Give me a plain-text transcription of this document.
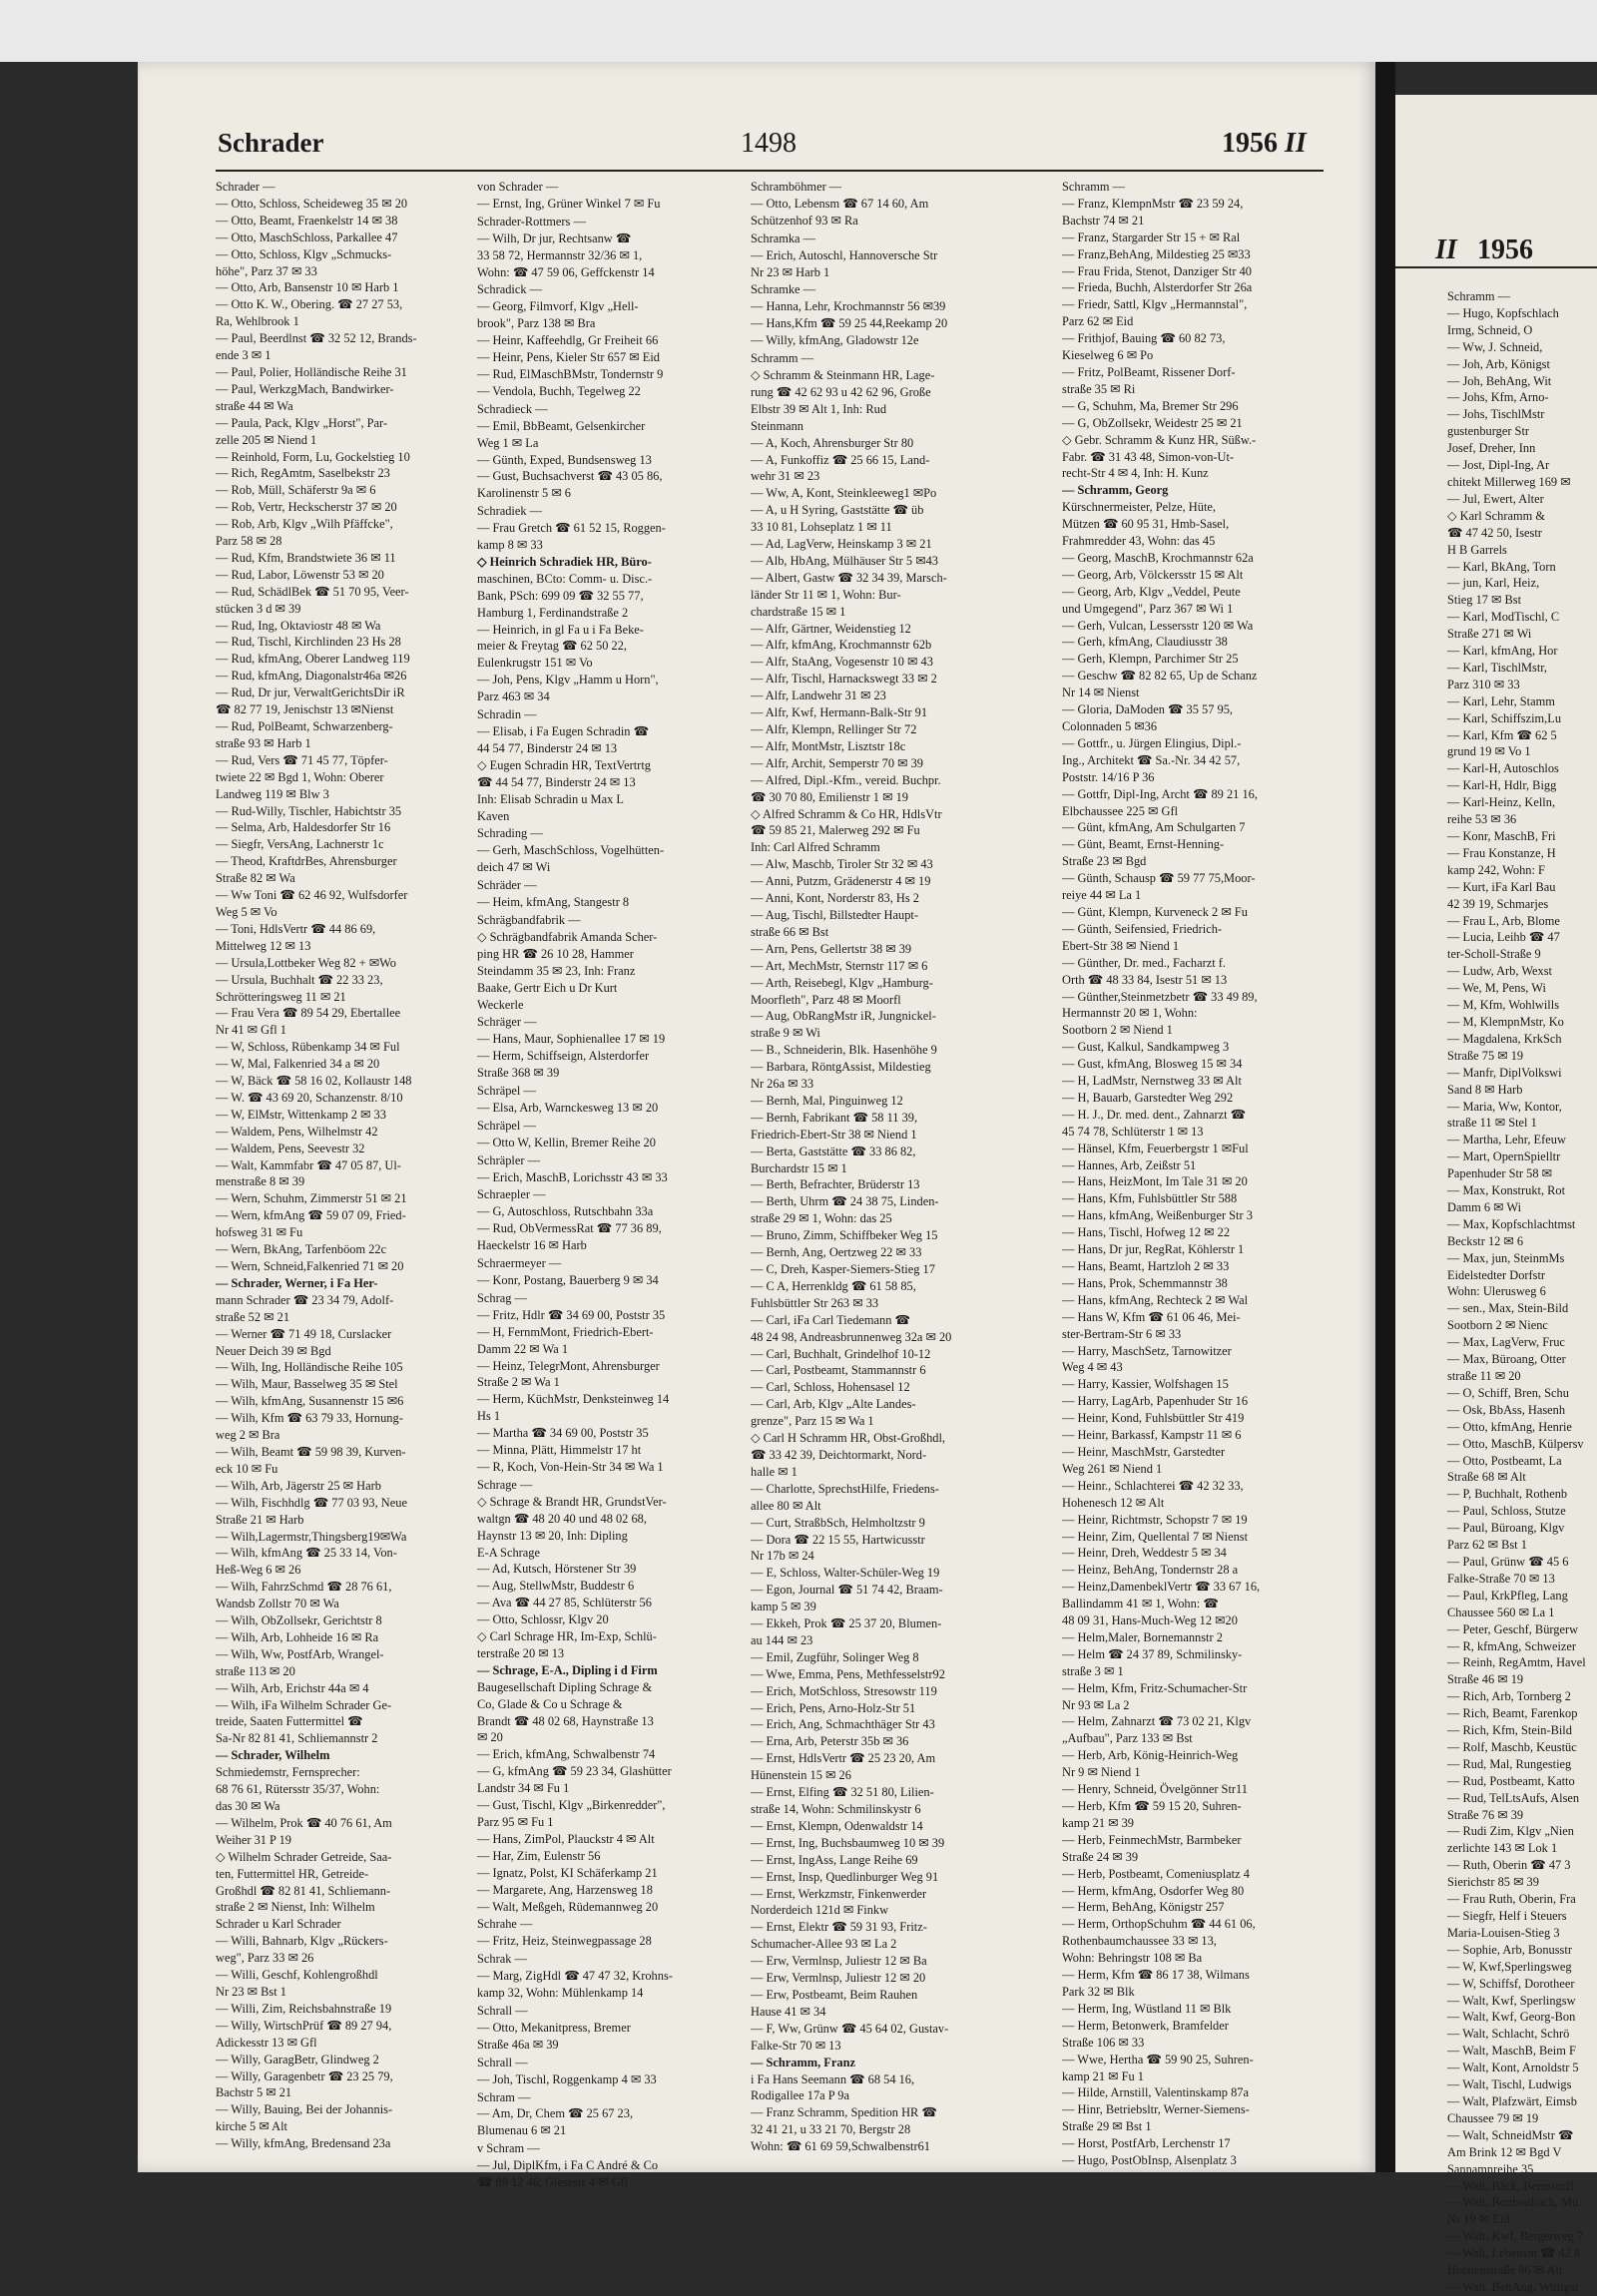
Schrader	1498	1956 II
Schrader —
— Otto, Schloss, Scheideweg 35 ✉ 20
— Otto, Beamt, Fraenkelstr 14 ✉ 38
— Otto, MaschSchloss, Parkallee 47
— Otto, Schloss, Klgv „Schmucks-
höhe", Parz 37 ✉ 33
— Otto, Arb, Bansenstr 10 ✉ Harb 1
— Otto K. W., Obering. ☎ 27 27 53,
Ra, Wehlbrook 1
— Paul, Beerdlnst ☎ 32 52 12, Brands-
ende 3 ✉ 1
— Paul, Polier, Holländische Reihe 31
— Paul, WerkzgMach, Bandwirker-
straße 44 ✉ Wa
— Paula, Pack, Klgv „Horst", Par-
zelle 205 ✉ Niend 1
— Reinhold, Form, Lu, Gockelstieg 10
— Rich, RegAmtm, Saselbekstr 23
— Rob, Müll, Schäferstr 9a ✉ 6
— Rob, Vertr, Heckscherstr 37 ✉ 20
— Rob, Arb, Klgv „Wilh Pfäffcke",
Parz 58 ✉ 28
— Rud, Kfm, Brandstwiete 36 ✉ 11
— Rud, Labor, Löwenstr 53 ✉ 20
— Rud, SchädlBek ☎ 51 70 95, Veer-
stücken 3 d ✉ 39
— Rud, Ing, Oktaviostr 48 ✉ Wa
— Rud, Tischl, Kirchlinden 23 Hs 28
— Rud, kfmAng, Oberer Landweg 119
— Rud, kfmAng, Diagonalstr46a ✉26
— Rud, Dr jur, VerwaltGerichtsDir iR
☎ 82 77 19, Jenischstr 13 ✉Nienst
— Rud, PolBeamt, Schwarzenberg-
straße 93 ✉ Harb 1
— Rud, Vers ☎ 71 45 77, Töpfer-
twiete 22 ✉ Bgd 1, Wohn: Oberer
Landweg 119 ✉ Blw 3
— Rud-Willy, Tischler, Habichtstr 35
— Selma, Arb, Haldesdorfer Str 16
— Siegfr, VersAng, Lachnerstr 1c
— Theod, KraftdrBes, Ahrensburger
Straße 82 ✉ Wa
— Ww Toni ☎ 62 46 92, Wulfsdorfer
Weg 5 ✉ Vo
— Toni, HdlsVertr ☎ 44 86 69,
Mittelweg 12 ✉ 13
— Ursula,Lottbeker Weg 82 + ✉Wo
— Ursula, Buchhalt ☎ 22 33 23,
Schrötteringsweg 11 ✉ 21
— Frau Vera ☎ 89 54 29, Ebertallee
Nr 41 ✉ Gfl 1
— W, Schloss, Rübenkamp 34 ✉ Ful
— W, Mal, Falkenried 34 a ✉ 20
— W, Bäck ☎ 58 16 02, Kollaustr 148
— W. ☎ 43 69 20, Schanzenstr. 8/10
— W, ElMstr, Wittenkamp 2 ✉ 33
— Waldem, Pens, Wilhelmstr 42
— Waldem, Pens, Seevestr 32
— Walt, Kammfabr ☎ 47 05 87, Ul-
menstraße 8 ✉ 39
— Wern, Schuhm, Zimmerstr 51 ✉ 21
— Wern, kfmAng ☎ 59 07 09, Fried-
hofsweg 31 ✉ Fu
— Wern, BkAng, Tarfenböom 22c
— Wern, Schneid,Falkenried 71 ✉ 20
— Schrader, Werner, i Fa Her-
mann Schrader ☎ 23 34 79, Adolf-
straße 52 ✉ 21
— Werner ☎ 71 49 18, Curslacker
Neuer Deich 39 ✉ Bgd
— Wilh, Ing, Holländische Reihe 105
— Wilh, Maur, Basselweg 35 ✉ Stel
— Wilh, kfmAng, Susannenstr 15 ✉6
— Wilh, Kfm ☎ 63 79 33, Hornung-
weg 2 ✉ Bra
— Wilh, Beamt ☎ 59 98 39, Kurven-
eck 10 ✉ Fu
— Wilh, Arb, Jägerstr 25 ✉ Harb
— Wilh, Fischhdlg ☎ 77 03 93, Neue
Straße 21 ✉ Harb
— Wilh,Lagermstr,Thingsberg19✉Wa
— Wilh, kfmAng ☎ 25 33 14, Von-
Heß-Weg 6 ✉ 26
— Wilh, FahrzSchmd ☎ 28 76 61,
Wandsb Zollstr 70 ✉ Wa
— Wilh, ObZollsekr, Gerichtstr 8
— Wilh, Arb, Lohheide 16 ✉ Ra
— Wilh, Ww, PostfArb, Wrangel-
straße 113 ✉ 20
— Wilh, Arb, Erichstr 44a ✉ 4
— Wilh, iFa Wilhelm Schrader Ge-
treide, Saaten Futtermittel ☎
Sa-Nr 82 81 41, Schliemannstr 2
— Schrader, Wilhelm
Schmiedemstr, Fernsprecher:
68 76 61, Rütersstr 35/37, Wohn:
das 30 ✉ Wa
— Wilhelm, Prok ☎ 40 76 61, Am
Weiher 31 P 19
◇ Wilhelm Schrader Getreide, Saa-
ten, Futtermittel HR, Getreide-
Großhdl ☎ 82 81 41, Schliemann-
straße 2 ✉ Nienst, Inh: Wilhelm
Schrader u Karl Schrader
— Willi, Bahnarb, Klgv „Rückers-
weg", Parz 33 ✉ 26
— Willi, Geschf, Kohlengroßhdl
Nr 23 ✉ Bst 1
— Willi, Zim, Reichsbahnstraße 19
— Willy, WirtschPrüf ☎ 89 27 94,
Adickesstr 13 ✉ Gfl
— Willy, GaragBetr, Glindweg 2
— Willy, Garagenbetr ☎ 23 25 79,
Bachstr 5 ✉ 21
— Willy, Bauing, Bei der Johannis-
kirche 5 ✉ Alt
— Willy, kfmAng, Bredensand 23a
von Schrader —
— Ernst, Ing, Grüner Winkel 7 ✉ Fu
Schrader-Rottmers —
— Wilh, Dr jur, Rechtsanw ☎
33 58 72, Hermannstr 32/36 ✉ 1,
Wohn: ☎ 47 59 06, Geffckenstr 14
Schradick —
— Georg, Filmvorf, Klgv „Hell-
brook", Parz 138 ✉ Bra
— Heinr, Kaffeehdlg, Gr Freiheit 66
— Heinr, Pens, Kieler Str 657 ✉ Eid
— Rud, ElMaschBMstr, Tondernstr 9
— Vendola, Buchh, Tegelweg 22
Schradieck —
— Emil, BbBeamt, Gelsenkircher
Weg 1 ✉ La
— Günth, Exped, Bundsensweg 13
— Gust, Buchsachverst ☎ 43 05 86,
Karolinenstr 5 ✉ 6
Schradiek —
— Frau Gretch ☎ 61 52 15, Roggen-
kamp 8 ✉ 33
◇ Heinrich Schradiek HR, Büro-
maschinen, BCto: Comm- u. Disc.-
Bank, PSch: 699 09 ☎ 32 55 77,
Hamburg 1, Ferdinandstraße 2
— Heinrich, in gl Fa u i Fa Beke-
meier & Freytag ☎ 62 50 22,
Eulenkrugstr 151 ✉ Vo
— Joh, Pens, Klgv „Hamm u Horn",
Parz 463 ✉ 34
Schradin —
— Elisab, i Fa Eugen Schradin ☎
44 54 77, Binderstr 24 ✉ 13
◇ Eugen Schradin HR, TextVertrtg
☎ 44 54 77, Binderstr 24 ✉ 13
Inh: Elisab Schradin u Max L
Kaven
Schrading —
— Gerh, MaschSchloss, Vogelhütten-
deich 47 ✉ Wi
Schräder —
— Heim, kfmAng, Stangestr 8
Schrägbandfabrik —
◇ Schrägbandfabrik Amanda Scher-
ping HR ☎ 26 10 28, Hammer
Steindamm 35 ✉ 23, Inh: Franz
Baake, Gertr Eich u Dr Kurt
Weckerle
Schräger —
— Hans, Maur, Sophienallee 17 ✉ 19
— Herm, Schiffseign, Alsterdorfer
Straße 368 ✉ 39
Schräpel —
— Elsa, Arb, Warnckesweg 13 ✉ 20
Schräpel —
— Otto W, Kellin, Bremer Reihe 20
Schräpler —
— Erich, MaschB, Lorichsstr 43 ✉ 33
Schraepler —
— G, Autoschloss, Rutschbahn 33a
— Rud, ObVermessRat ☎ 77 36 89,
Haeckelstr 16 ✉ Harb
Schraermeyer —
— Konr, Postang, Bauerberg 9 ✉ 34
Schrag —
— Fritz, Hdlr ☎ 34 69 00, Poststr 35
— H, FernmMont, Friedrich-Ebert-
Damm 22 ✉ Wa 1
— Heinz, TelegrMont, Ahrensburger
Straße 2 ✉ Wa 1
— Herm, KüchMstr, Denksteinweg 14
Hs 1
— Martha ☎ 34 69 00, Poststr 35
— Minna, Plätt, Himmelstr 17 ht
— R, Koch, Von-Hein-Str 34 ✉ Wa 1
Schrage —
◇ Schrage & Brandt HR, GrundstVer-
waltgn ☎ 48 20 40 und 48 02 68,
Haynstr 13 ✉ 20, Inh: Dipling
E-A Schrage
— Ad, Kutsch, Hörstener Str 39
— Aug, StellwMstr, Buddestr 6
— Ava ☎ 44 27 85, Schlüterstr 56
— Otto, Schlossr, Klgv 20
◇ Carl Schrage HR, Im-Exp, Schlü-
terstraße 20 ✉ 13
— Schrage, E-A., Dipling i d Firm
Baugesellschaft Dipling Schrage &
Co, Glade & Co u Schrage &
Brandt ☎ 48 02 68, Haynstraße 13
✉ 20
— Erich, kfmAng, Schwalbenstr 74
— G, kfmAng ☎ 59 23 34, Glashütter
Landstr 34 ✉ Fu 1
— Gust, Tischl, Klgv „Birkenredder",
Parz 95 ✉ Fu 1
— Hans, ZimPol, Plauckstr 4 ✉ Alt
— Har, Zim, Eulenstr 56
— Ignatz, Polst, KI Schäferkamp 21
— Margarete, Ang, Harzensweg 18
— Walt, Meßgeh, Rüdemannweg 20
Schrahe —
— Fritz, Heiz, Steinwegpassage 28
Schrak —
— Marg, ZigHdl ☎ 47 47 32, Krohns-
kamp 32, Wohn: Mühlenkamp 14
Schrall —
— Otto, Mekanitpress, Bremer
Straße 46a ✉ 39
Schrall —
— Joh, Tischl, Roggenkamp 4 ✉ 33
Schram —
— Am, Dr, Chem ☎ 25 67 23,
Blumenau 6 ✉ 21
v Schram —
— Jul, DiplKfm, i Fa C André & Co
☎ 89 12 46, Giesestr 4 ✉ Gfl
Schramböhmer —
— Otto, Lebensm ☎ 67 14 60, Am
Schützenhof 93 ✉ Ra
Schramka —
— Erich, Autoschl, Hannoversche Str
Nr 23 ✉ Harb 1
Schramke —
— Hanna, Lehr, Krochmannstr 56 ✉39
— Hans,Kfm ☎ 59 25 44,Reekamp 20
— Willy, kfmAng, Gladowstr 12e
Schramm —
◇ Schramm & Steinmann HR, Lage-
rung ☎ 42 62 93 u 42 62 96, Große
Elbstr 39 ✉ Alt 1, Inh: Rud
Steinmann
— A, Koch, Ahrensburger Str 80
— A, Funkoffiz ☎ 25 66 15, Land-
wehr 31 ✉ 23
— Ww, A, Kont, Steinkleeweg1 ✉Po
— A, u H Syring, Gaststätte ☎ üb
33 10 81, Lohseplatz 1 ✉ 11
— Ad, LagVerw, Heinskamp 3 ✉ 21
— Alb, HbAng, Mülhäuser Str 5 ✉43
— Albert, Gastw ☎ 32 34 39, Marsch-
länder Str 11 ✉ 1, Wohn: Bur-
chardstraße 15 ✉ 1
— Alfr, Gärtner, Weidenstieg 12
— Alfr, kfmAng, Krochmannstr 62b
— Alfr, StaAng, Vogesenstr 10 ✉ 43
— Alfr, Tischl, Harnackswegt 33 ✉ 2
— Alfr, Landwehr 31 ✉ 23
— Alfr, Kwf, Hermann-Balk-Str 91
— Alfr, Klempn, Rellinger Str 72
— Alfr, MontMstr, Lisztstr 18c
— Alfr, Archit, Semperstr 70 ✉ 39
— Alfred, Dipl.-Kfm., vereid. Buchpr.
☎ 30 70 80, Emilienstr 1 ✉ 19
◇ Alfred Schramm & Co HR, HdlsVtr
☎ 59 85 21, Malerweg 292 ✉ Fu
Inh: Carl Alfred Schramm
— Alw, Maschb, Tiroler Str 32 ✉ 43
— Anni, Putzm, Grädenerstr 4 ✉ 19
— Anni, Kont, Norderstr 83, Hs 2
— Aug, Tischl, Billstedter Haupt-
straße 66 ✉ Bst
— Arn, Pens, Gellertstr 38 ✉ 39
— Art, MechMstr, Sternstr 117 ✉ 6
— Arth, Reisebegl, Klgv „Hamburg-
Moorfleth", Parz 48 ✉ Moorfl
— Aug, ObRangMstr iR, Jungnickel-
straße 9 ✉ Wi
— B., Schneiderin, Blk. Hasenhöhe 9
— Barbara, RöntgAssist, Mildestieg
Nr 26a ✉ 33
— Bernh, Mal, Pinguinweg 12
— Bernh, Fabrikant ☎ 58 11 39,
Friedrich-Ebert-Str 38 ✉ Niend 1
— Berta, Gaststätte ☎ 33 86 82,
Burchardstr 15 ✉ 1
— Berth, Befrachter, Brüderstr 13
— Berth, Uhrm ☎ 24 38 75, Linden-
straße 29 ✉ 1, Wohn: das 25
— Bruno, Zimm, Schiffbeker Weg 15
— Bernh, Ang, Oertzweg 22 ✉ 33
— C, Dreh, Kasper-Siemers-Stieg 17
— C A, Herrenkldg ☎ 61 58 85,
Fuhlsbüttler Str 263 ✉ 33
— Carl, iFa Carl Tiedemann ☎
48 24 98, Andreasbrunnenweg 32a ✉ 20
— Carl, Buchhalt, Grindelhof 10-12
— Carl, Postbeamt, Stammannstr 6
— Carl, Schloss, Hohensasel 12
— Carl, Arb, Klgv „Alte Landes-
grenze", Parz 15 ✉ Wa 1
◇ Carl H Schramm HR, Obst-Großhdl,
☎ 33 42 39, Deichtormarkt, Nord-
halle ✉ 1
— Charlotte, SprechstHilfe, Friedens-
allee 80 ✉ Alt
— Curt, StraßbSch, Helmholtzstr 9
— Dora ☎ 22 15 55, Hartwicusstr
Nr 17b ✉ 24
— E, Schloss, Walter-Schüler-Weg 19
— Egon, Journal ☎ 51 74 42, Braam-
kamp 5 ✉ 39
— Ekkeh, Prok ☎ 25 37 20, Blumen-
au 144 ✉ 23
— Emil, Zugführ, Solinger Weg 8
— Wwe, Emma, Pens, Methfesselstr92
— Erich, MotSchloss, Stresowstr 119
— Erich, Pens, Arno-Holz-Str 51
— Erich, Ang, Schmachthäger Str 43
— Erna, Arb, Peterstr 35b ✉ 36
— Ernst, HdlsVertr ☎ 25 23 20, Am
Hünenstein 15 ✉ 26
— Ernst, Elfing ☎ 32 51 80, Lilien-
straße 14, Wohn: Schmilinskystr 6
— Ernst, Klempn, Odenwaldstr 14
— Ernst, Ing, Buchsbaumweg 10 ✉ 39
— Ernst, IngAss, Lange Reihe 69
— Ernst, Insp, Quedlinburger Weg 91
— Ernst, Werkzmstr, Finkenwerder
Norderdeich 121d ✉ Finkw
— Ernst, Elektr ☎ 59 31 93, Fritz-
Schumacher-Allee 93 ✉ La 2
— Erw, Vermlnsp, Juliestr 12 ✉ Ba
— Erw, Vermlnsp, Juliestr 12 ✉ 20
— Erw, Postbeamt, Beim Rauhen
Hause 41 ✉ 34
— F, Ww, Grünw ☎ 45 64 02, Gustav-
Falke-Str 70 ✉ 13
— Schramm, Franz
i Fa Hans Seemann ☎ 68 54 16,
Rodigallee 17a P 9a
— Franz Schramm, Spedition HR ☎
32 41 21, u 33 21 70, Bergstr 28
Wohn: ☎ 61 69 59,Schwalbenstr61
Schramm —
— Franz, KlempnMstr ☎ 23 59 24,
Bachstr 74 ✉ 21
— Franz, Stargarder Str 15 + ✉ Ral
— Franz,BehAng, Mildestieg 25 ✉33
— Frau Frida, Stenot, Danziger Str 40
— Frieda, Buchh, Alsterdorfer Str 26a
— Friedr, Sattl, Klgv „Hermannstal",
Parz 62 ✉ Eid
— Frithjof, Bauing ☎ 60 82 73,
Kieselweg 6 ✉ Po
— Fritz, PolBeamt, Rissener Dorf-
straße 35 ✉ Ri
— G, Schuhm, Ma, Bremer Str 296
— G, ObZollsekr, Weidestr 25 ✉ 21
◇ Gebr. Schramm & Kunz HR, Süßw.-
Fabr. ☎ 31 43 48, Simon-von-Ut-
recht-Str 4 ✉ 4, Inh: H. Kunz
— Schramm, Georg
Kürschnermeister, Pelze, Hüte,
Mützen ☎ 60 95 31, Hmb-Sasel,
Frahmredder 43, Wohn: das 45
— Georg, MaschB, Krochmannstr 62a
— Georg, Arb, Völckersstr 15 ✉ Alt
— Georg, Arb, Klgv „Veddel, Peute
und Umgegend", Parz 367 ✉ Wi 1
— Gerh, Vulcan, Lessersstr 120 ✉ Wa
— Gerh, kfmAng, Claudiusstr 38
— Gerh, Klempn, Parchimer Str 25
— Geschw ☎ 82 82 65, Up de Schanz
Nr 14 ✉ Nienst
— Gloria, DaModen ☎ 35 57 95,
Colonnaden 5 ✉36
— Gottfr., u. Jürgen Elingius, Dipl.-
Ing., Architekt ☎ Sa.-Nr. 34 42 57,
Poststr. 14/16 P 36
— Gottfr, Dipl-Ing, Archt ☎ 89 21 16,
Elbchaussee 225 ✉ Gfl
— Günt, kfmAng, Am Schulgarten 7
— Günt, Beamt, Ernst-Henning-
Straße 23 ✉ Bgd
— Günth, Schausp ☎ 59 77 75,Moor-
reiye 44 ✉ La 1
— Günt, Klempn, Kurveneck 2 ✉ Fu
— Günth, Seifensied, Friedrich-
Ebert-Str 38 ✉ Niend 1
— Günther, Dr. med., Facharzt f.
Orth ☎ 48 33 84, Isestr 51 ✉ 13
— Günther,Steinmetzbetr ☎ 33 49 89,
Hermannstr 20 ✉ 1, Wohn:
Sootborn 2 ✉ Niend 1
— Gust, Kalkul, Sandkampweg 3
— Gust, kfmAng, Blosweg 15 ✉ 34
— H, LadMstr, Nernstweg 33 ✉ Alt
— H, Bauarb, Garstedter Weg 292
— H. J., Dr. med. dent., Zahnarzt ☎
45 74 78, Schlüterstr 1 ✉ 13
— Hänsel, Kfm, Feuerbergstr 1 ✉Ful
— Hannes, Arb, Zeißstr 51
— Hans, HeizMont, Im Tale 31 ✉ 20
— Hans, Kfm, Fuhlsbüttler Str 588
— Hans, kfmAng, Weißenburger Str 3
— Hans, Tischl, Hofweg 12 ✉ 22
— Hans, Dr jur, RegRat, Köhlerstr 1
— Hans, Beamt, Hartzloh 2 ✉ 33
— Hans, Prok, Schemmannstr 38
— Hans, kfmAng, Rechteck 2 ✉ Wal
— Hans W, Kfm ☎ 61 06 46, Mei-
ster-Bertram-Str 6 ✉ 33
— Harry, MaschSetz, Tarnowitzer
Weg 4 ✉ 43
— Harry, Kassier, Wolfshagen 15
— Harry, LagArb, Papenhuder Str 16
— Heinr, Kond, Fuhlsbüttler Str 419
— Heinr, Barkassf, Kampstr 11 ✉ 6
— Heinr, MaschMstr, Garstedter
Weg 261 ✉ Niend 1
— Heinr., Schlachterei ☎ 42 32 33,
Hohenesch 12 ✉ Alt
— Heinr, Richtmstr, Schopstr 7 ✉ 19
— Heinr, Zim, Quellental 7 ✉ Nienst
— Heinr, Dreh, Weddestr 5 ✉ 34
— Heinz, BehAng, Tondernstr 28 a
— Heinz,DamenbeklVertr ☎ 33 67 16,
Ballindamm 41 ✉ 1, Wohn: ☎
48 09 31, Hans-Much-Weg 12 ✉20
— Helm,Maler, Bornemannstr 2
— Helm ☎ 24 37 89, Schmilinsky-
straße 3 ✉ 1
— Helm, Kfm, Fritz-Schumacher-Str
Nr 93 ✉ La 2
— Helm, Zahnarzt ☎ 73 02 21, Klgv
„Aufbau", Parz 133 ✉ Bst
— Herb, Arb, König-Heinrich-Weg
Nr 9 ✉ Niend 1
— Henry, Schneid, Övelgönner Str11
— Herb, Kfm ☎ 59 15 20, Suhren-
kamp 21 ✉ 39
— Herb, FeinmechMstr, Barmbeker
Straße 24 ✉ 39
— Herb, Postbeamt, Comeniusplatz 4
— Herm, kfmAng, Osdorfer Weg 80
— Herm, BehAng, Königstr 257
— Herm, OrthopSchuhm ☎ 44 61 06,
Rothenbaumchaussee 33 ✉ 13,
Wohn: Behringstr 108 ✉ Ba
— Herm, Kfm ☎ 86 17 38, Wilmans
Park 32 ✉ Blk
— Herm, Ing, Wüstland 11 ✉ Blk
— Herm, Betonwerk, Bramfelder
Straße 106 ✉ 33
— Wwe, Hertha ☎ 59 90 25, Suhren-
kamp 21 ✉ Fu 1
— Hilde, Arnstill, Valentinskamp 87a
— Hinr, Betriebsltr, Werner-Siemens-
Straße 29 ✉ Bst 1
— Horst, PostfArb, Lerchenstr 17
— Hugo, PostObInsp, Alsenplatz 3
II 1956
Schramm —
— Hugo, Kopfschlach
Irmg, Schneid, O
— Ww, J. Schneid,
— Joh, Arb, Königst
— Joh, BehAng, Wit
— Johs, Kfm, Arno-
— Johs, TischlMstr
gustenburger Str
Josef, Dreher, Inn
— Jost, Dipl-Ing, Ar
chitekt Millerweg 169 ✉
— Jul, Ewert, Alter
◇ Karl Schramm &
☎ 47 42 50, Isestr
H B Garrels
— Karl, BkAng, Torn
— jun, Karl, Heiz,
Stieg 17 ✉ Bst
— Karl, ModTischl, C
Straße 271 ✉ Wi
— Karl, kfmAng, Hor
— Karl, TischlMstr,
Parz 310 ✉ 33
— Karl, Lehr, Stamm
— Karl, Schiffszim,Lu
— Karl, Kfm ☎ 62 5
grund 19 ✉ Vo 1
— Karl-H, Autoschlos
— Karl-H, Hdlr, Bigg
— Karl-Heinz, Kelln,
reihe 53 ✉ 36
— Konr, MaschB, Fri
— Frau Konstanze, H
kamp 242, Wohn: F
— Kurt, iFa Karl Bau
42 39 19, Schmarjes
— Frau L, Arb, Blome
— Lucia, Leihb ☎ 47
ter-Scholl-Straße 9
— Ludw, Arb, Wexst
— We, M, Pens, Wi
— M, Kfm, Wohlwills
— M, KlempnMstr, Ko
— Magdalena, KrkSch
Straße 75 ✉ 19
— Manfr, DiplVolkswi
Sand 8 ✉ Harb
— Maria, Ww, Kontor,
straße 11 ✉ Stel 1
— Martha, Lehr, Efeuw
— Mart, OpernSpielltr
Papenhuder Str 58 ✉
— Max, Konstrukt, Rot
Damm 6 ✉ Wi
— Max, Kopfschlachtmst
Beckstr 12 ✉ 6
— Max, jun, SteinmMs
Eidelstedter Dorfstr
Wohn: Ulerusweg 6
— sen., Max, Stein-Bild
Sootborn 2 ✉ Nienc
— Max, LagVerw, Fruc
— Max, Büroang, Otter
straße 11 ✉ 20
— O, Schiff, Bren, Schu
— Osk, BbAss, Hasenh
— Otto, kfmAng, Henrie
— Otto, MaschB, Külpersv
— Otto, Postbeamt, La
Straße 68 ✉ Alt
— P, Buchhalt, Rothenb
— Paul, Schloss, Stutze
— Paul, Büroang, Klgv
Parz 62 ✉ Bst 1
— Paul, Grünw ☎ 45 6
Falke-Straße 70 ✉ 13
— Paul, KrkPfleg, Lang
Chaussee 560 ✉ La 1
— Peter, Geschf, Bürgerw
— R, kfmAng, Schweizer
— Reinh, RegAmtm, Havel
Straße 46 ✉ 19
— Rich, Arb, Tornberg 2
— Rich, Beamt, Farenkop
— Rich, Kfm, Stein-Bild
— Rolf, Maschb, Keustüc
— Rud, Mal, Rungestieg
— Rud, Postbeamt, Katto
— Rud, TelLtsAufs, Alsen
Straße 76 ✉ 39
— Rudi Zim, Klgv „Nien
zerlichte 143 ✉ Lok 1
— Ruth, Oberin ☎ 47 3
Sierichstr 85 ✉ 39
— Frau Ruth, Oberin, Fra
— Siegfr, Helf i Steuers
Maria-Louisen-Stieg 3
— Sophie, Arb, Bonusstr
— W, Kwf,Sperlingsweg
— W, Schiffsf, Dorotheer
— Walt, Kwf, Sperlingsw
— Walt, Kwf, Georg-Bon
— Walt, Schlacht, Schrö
— Walt, MaschB, Beim F
— Walt, Kont, Arnoldstr 5
— Walt, Tischl, Ludwigs
— Walt, Plafzwärt, Eimsb
Chaussee 79 ✉ 19
— Walt, SchneidMstr ☎
Am Brink 12 ✉ Bgd V
Sannamnreihe 35
— Walt, Bäck, Bernstorff
— Walt, Bonbonkoch, Mu
Nr 19 ✉ Eid
— Walt, Kwf, Bergerweg 7
— Walt, Lebensm ☎ 42 8
Holstenstraße 86 ✉ Alt
— Walt, BehAng, Wittigst
